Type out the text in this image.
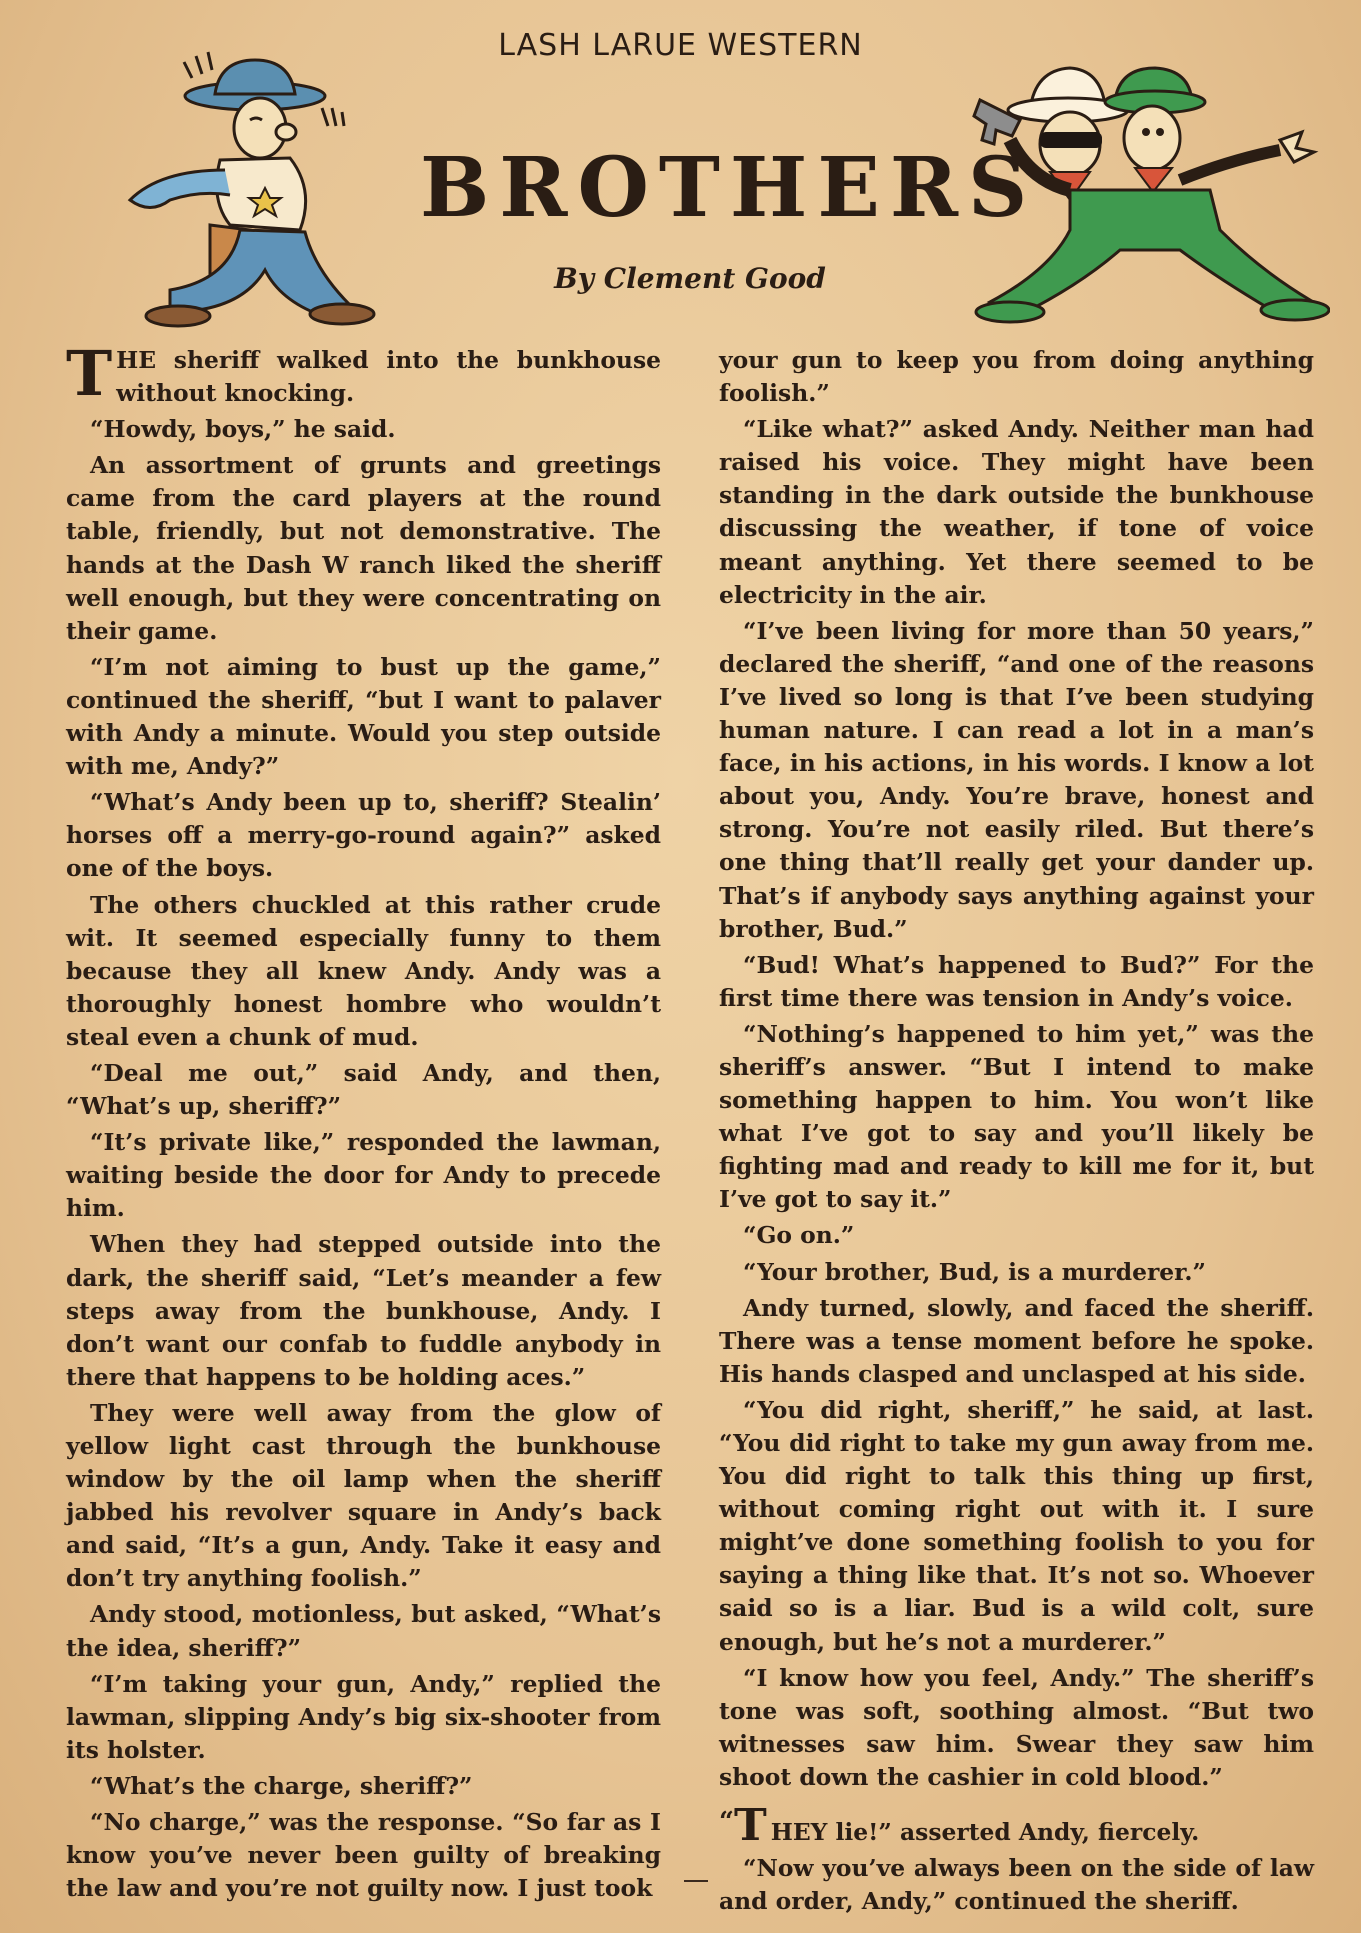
LASH LARUE WESTERN
BROTHERS
By Clement Good

THE sheriff walked into the bunkhouse without knocking.

“Howdy, boys,” he said.

An assortment of grunts and greetings came from the card players at the round table, friendly, but not demonstrative. The hands at the Dash W ranch liked the sheriff well enough, but they were concentrating on their game.

“I’m not aiming to bust up the game,” continued the sheriff, “but I want to palaver with Andy a minute. Would you step outside with me, Andy?”

“What’s Andy been up to, sheriff? Stealin’ horses off a merry-go-round again?” asked one of the boys.

The others chuckled at this rather crude wit. It seemed especially funny to them because they all knew Andy. Andy was a thoroughly honest hombre who wouldn’t steal even a chunk of mud.

“Deal me out,” said Andy, and then, “What’s up, sheriff?”

“It’s private like,” responded the lawman, waiting beside the door for Andy to precede him.

When they had stepped outside into the dark, the sheriff said, “Let’s meander a few steps away from the bunkhouse, Andy. I don’t want our confab to fuddle anybody in there that happens to be holding aces.”

They were well away from the glow of yellow light cast through the bunkhouse window by the oil lamp when the sheriff jabbed his revolver square in Andy’s back and said, “It’s a gun, Andy. Take it easy and don’t try anything foolish.”

Andy stood, motionless, but asked, “What’s the idea, sheriff?”

“I’m taking your gun, Andy,” replied the lawman, slipping Andy’s big six-shooter from its holster.

“What’s the charge, sheriff?”

“No charge,” was the response. “So far as I know you’ve never been guilty of breaking the law and you’re not guilty now. I just took

your gun to keep you from doing anything foolish.”

“Like what?” asked Andy. Neither man had raised his voice. They might have been standing in the dark outside the bunkhouse discussing the weather, if tone of voice meant anything. Yet there seemed to be electricity in the air.

“I’ve been living for more than 50 years,” declared the sheriff, “and one of the reasons I’ve lived so long is that I’ve been studying human nature. I can read a lot in a man’s face, in his actions, in his words. I know a lot about you, Andy. You’re brave, honest and strong. You’re not easily riled. But there’s one thing that’ll really get your dander up. That’s if anybody says anything against your brother, Bud.”

“Bud! What’s happened to Bud?” For the first time there was tension in Andy’s voice.

“Nothing’s happened to him yet,” was the sheriff’s answer. “But I intend to make something happen to him. You won’t like what I’ve got to say and you’ll likely be fighting mad and ready to kill me for it, but I’ve got to say it.”

“Go on.”

“Your brother, Bud, is a murderer.”

Andy turned, slowly, and faced the sheriff. There was a tense moment before he spoke. His hands clasped and unclasped at his side.

“You did right, sheriff,” he said, at last. “You did right to take my gun away from me. You did right to talk this thing up first, without coming right out with it. I sure might’ve done something foolish to you for saying a thing like that. It’s not so. Whoever said so is a liar. Bud is a wild colt, sure enough, but he’s not a murderer.”

“I know how you feel, Andy.” The sheriff’s tone was soft, soothing almost. “But two witnesses saw him. Swear they saw him shoot down the cashier in cold blood.”

“T HEY lie!” asserted Andy, fiercely.

“Now you’ve always been on the side of law and order, Andy,” continued the sheriff.
